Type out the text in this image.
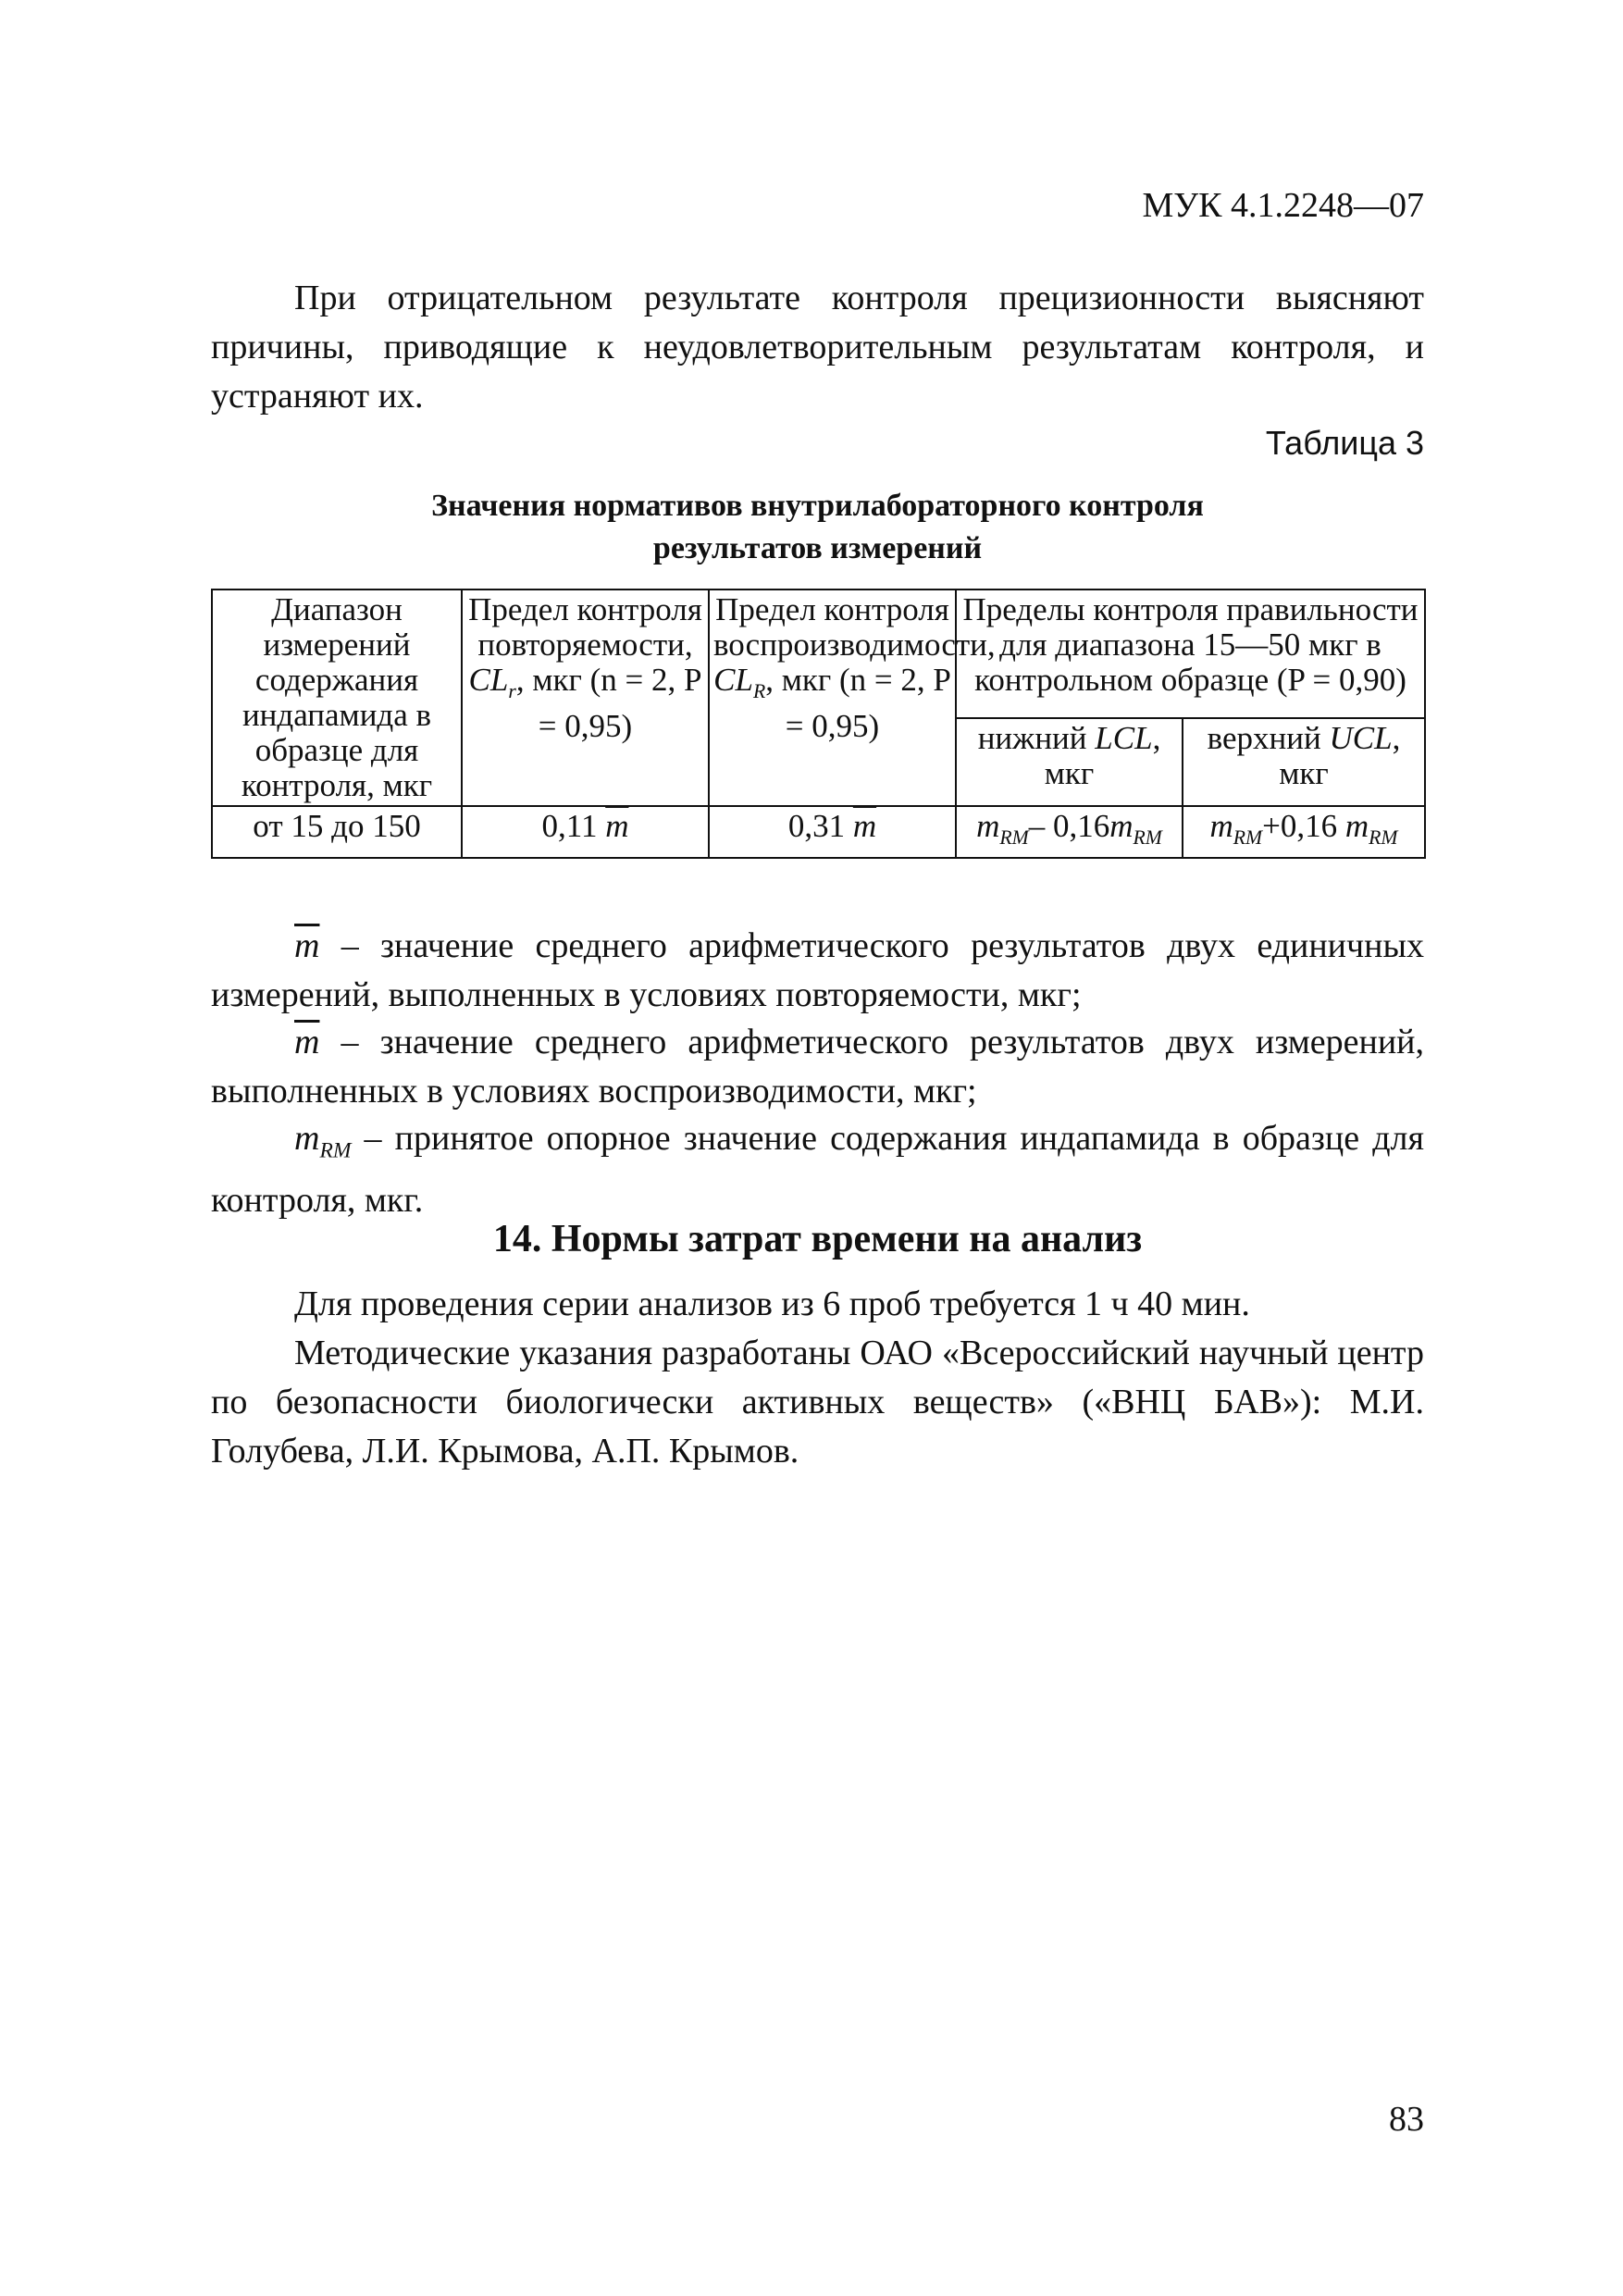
МУК 4.1.2248—07

При отрицательном результате контроля прецизионности выясняют причины, приводящие к неудовлетворительным результатам контроля, и устраняют их.

Таблица 3
Значения нормативов внутрилабораторного контроля
результатов измерений
Диапазон измерений содержания индапамида в образце для контроля, мкг	Предел контроля повторяемости, $CL_r$, мкг (n = 2, P = 0,95)	Предел контроля воспроизводимости, $CL_R$, мкг (n = 2, P = 0,95)	Пределы контроля правильности для диапазона 15—50 мкг в контрольном образце (P = 0,90)	
			нижний LCL, мкг	верхний UCL, мкг
от 15 до 150	0,11 $\overline{m}$	0,31 $\overline{m}$	$m_{RM}-$ $0,16m_{RM}$	$m_{RM}+0,16$ $m_{RM}$

$\overline{m}$ – значение среднего арифметического результатов двух единичных измерений, выполненных в условиях повторяемости, мкг;

$\overline{m}$ – значение среднего арифметического результатов двух измерений, выполненных в условиях воспроизводимости, мкг;

$m_{RM}$ – принятое опорное значение содержания индапамида в образце для контроля, мкг.

14. Нормы затрат времени на анализ

Для проведения серии анализов из 6 проб требуется 1 ч 40 мин.

Методические указания разработаны ОАО «Всероссийский научный центр по безопасности биологически активных веществ» («ВНЦ БАВ»): М.И. Голубева, Л.И. Крымова, А.П. Крымов.

83
